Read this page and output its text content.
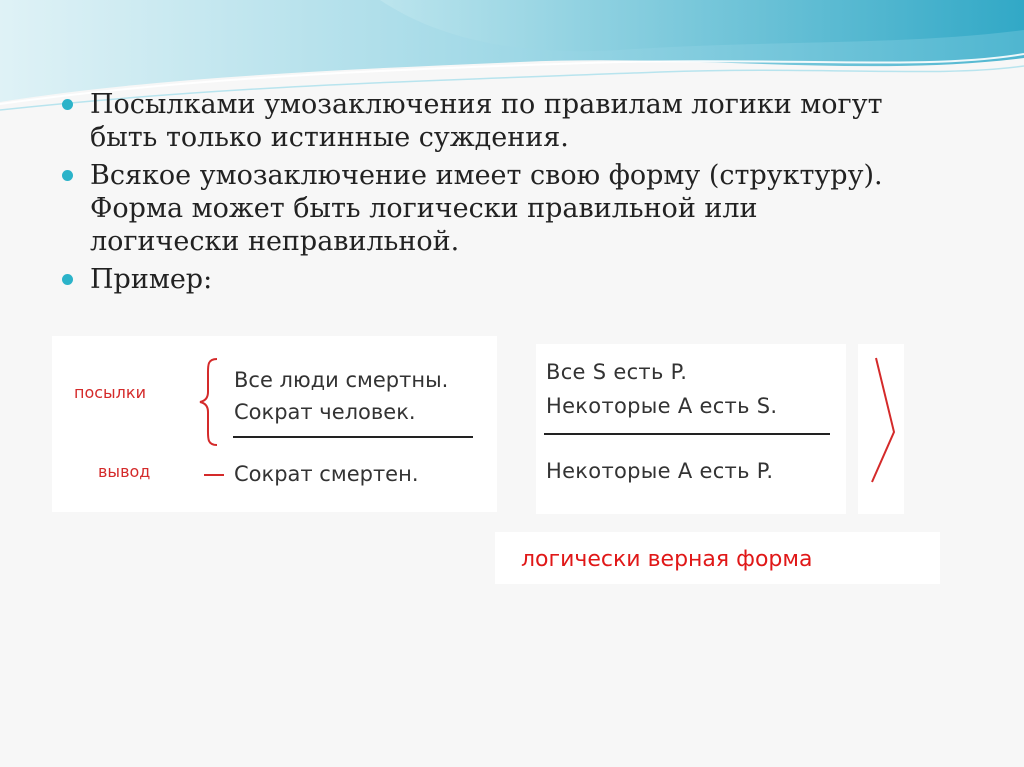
Посылками умозаключения по правилам логики могут
быть только истинные суждения.
Всякое умозаключение имеет свою форму (структуру).
Форма может быть логически правильной или
логически неправильной.
Пример:
посылки
Все люди смертны.
Сократ человек.
вывод	Сократ смертен.
Все S есть P.
Некоторые A есть S.
Некоторые A есть P.
логически верная форма
